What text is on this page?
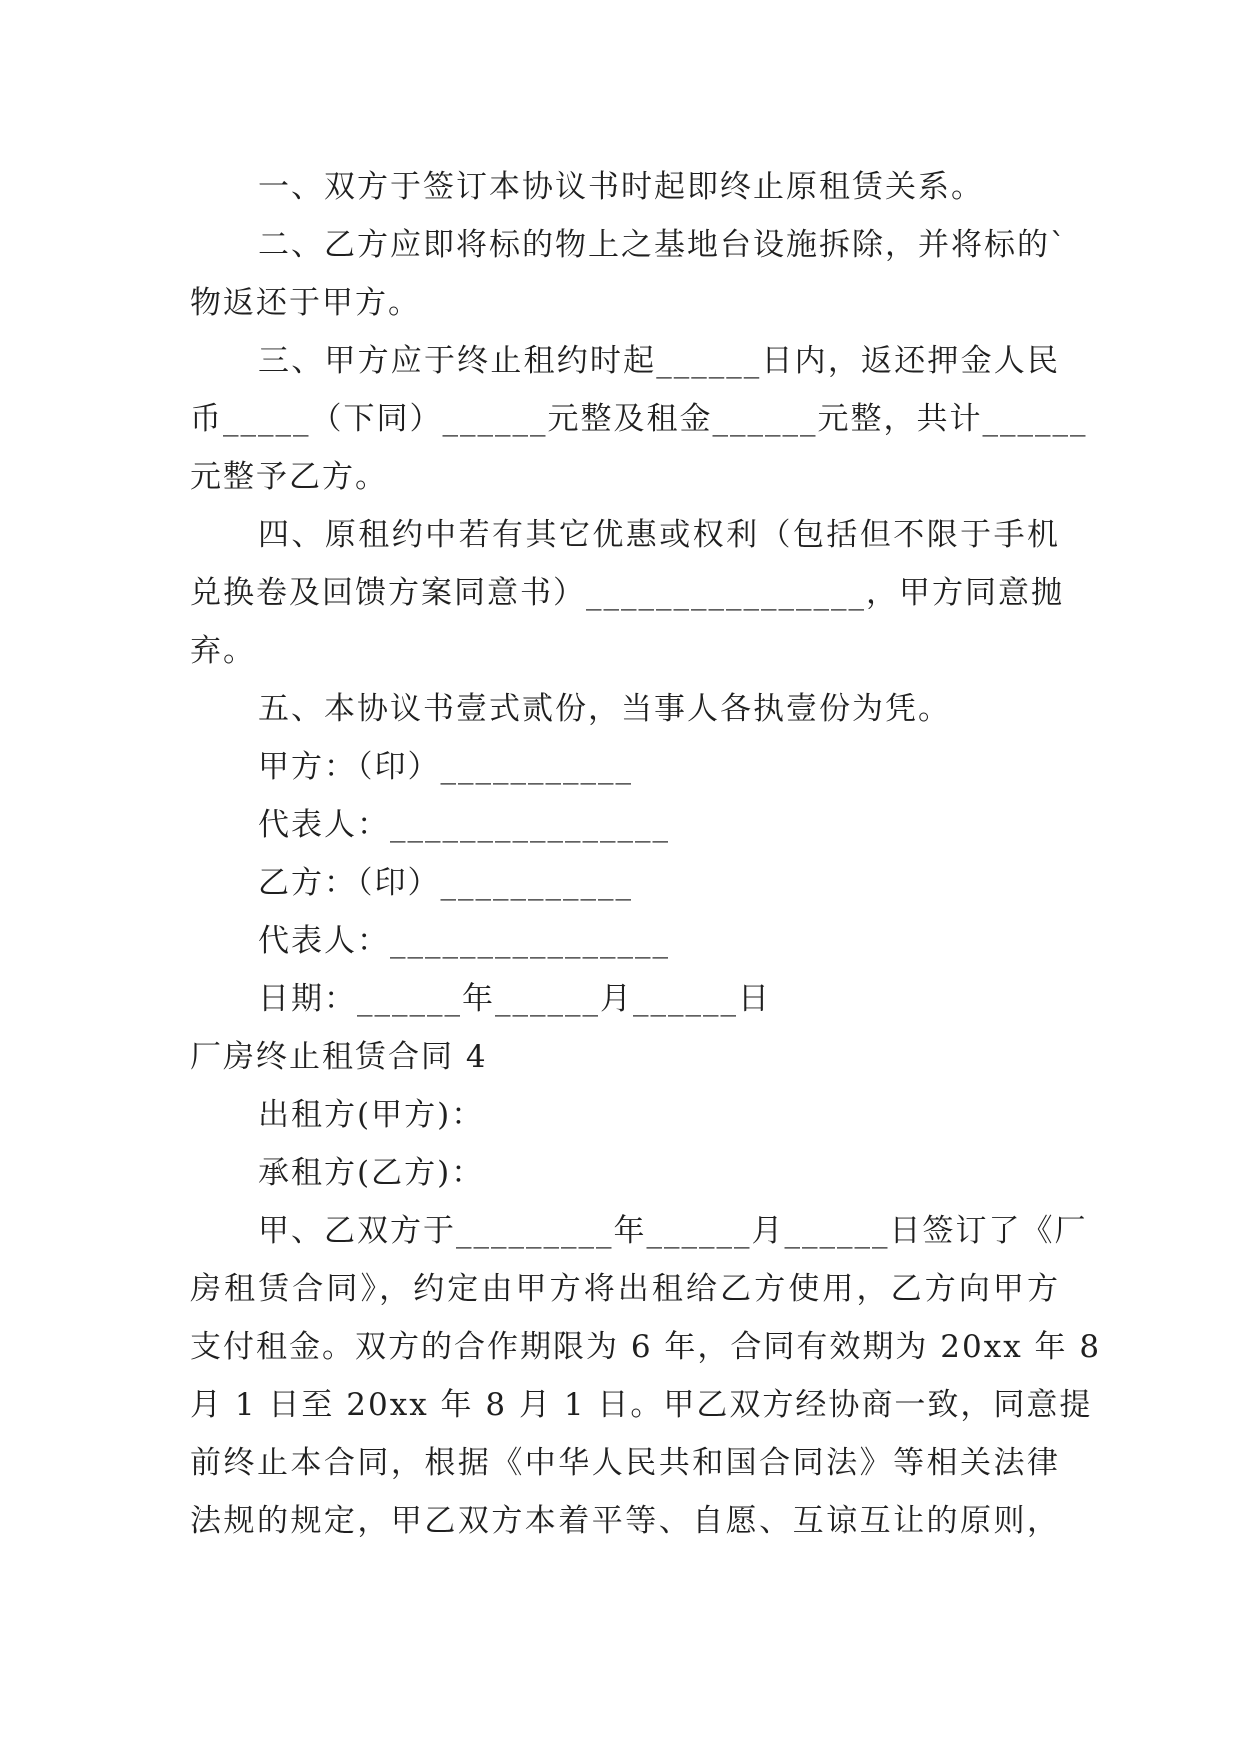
一、双方于签订本协议书时起即终止原租赁关系。
二、乙方应即将标的物上之基地台设施拆除，并将标的`
物返还于甲方。
三、甲方应于终止租约时起______日内，返还押金人民
币_____（下同）______元整及租金______元整，共计______
元整予乙方。
四、原租约中若有其它优惠或权利（包括但不限于手机
兑换卷及回馈方案同意书）________________，甲方同意抛
弃。
五、本协议书壹式贰份，当事人各执壹份为凭。
甲方：（印）___________
代表人：________________
乙方：（印）___________
代表人：________________
日期：______年______月______日
厂房终止租赁合同 4
出租方(甲方)：
承租方(乙方)：
甲、乙双方于_________年______月______日签订了《厂
房租赁合同》，约定由甲方将出租给乙方使用，乙方向甲方
支付租金。双方的合作期限为 6 年，合同有效期为 20xx 年 8
月 1 日至 20xx 年 8 月 1 日。甲乙双方经协商一致，同意提
前终止本合同，根据《中华人民共和国合同法》等相关法律
法规的规定，甲乙双方本着平等、自愿、互谅互让的原则，
